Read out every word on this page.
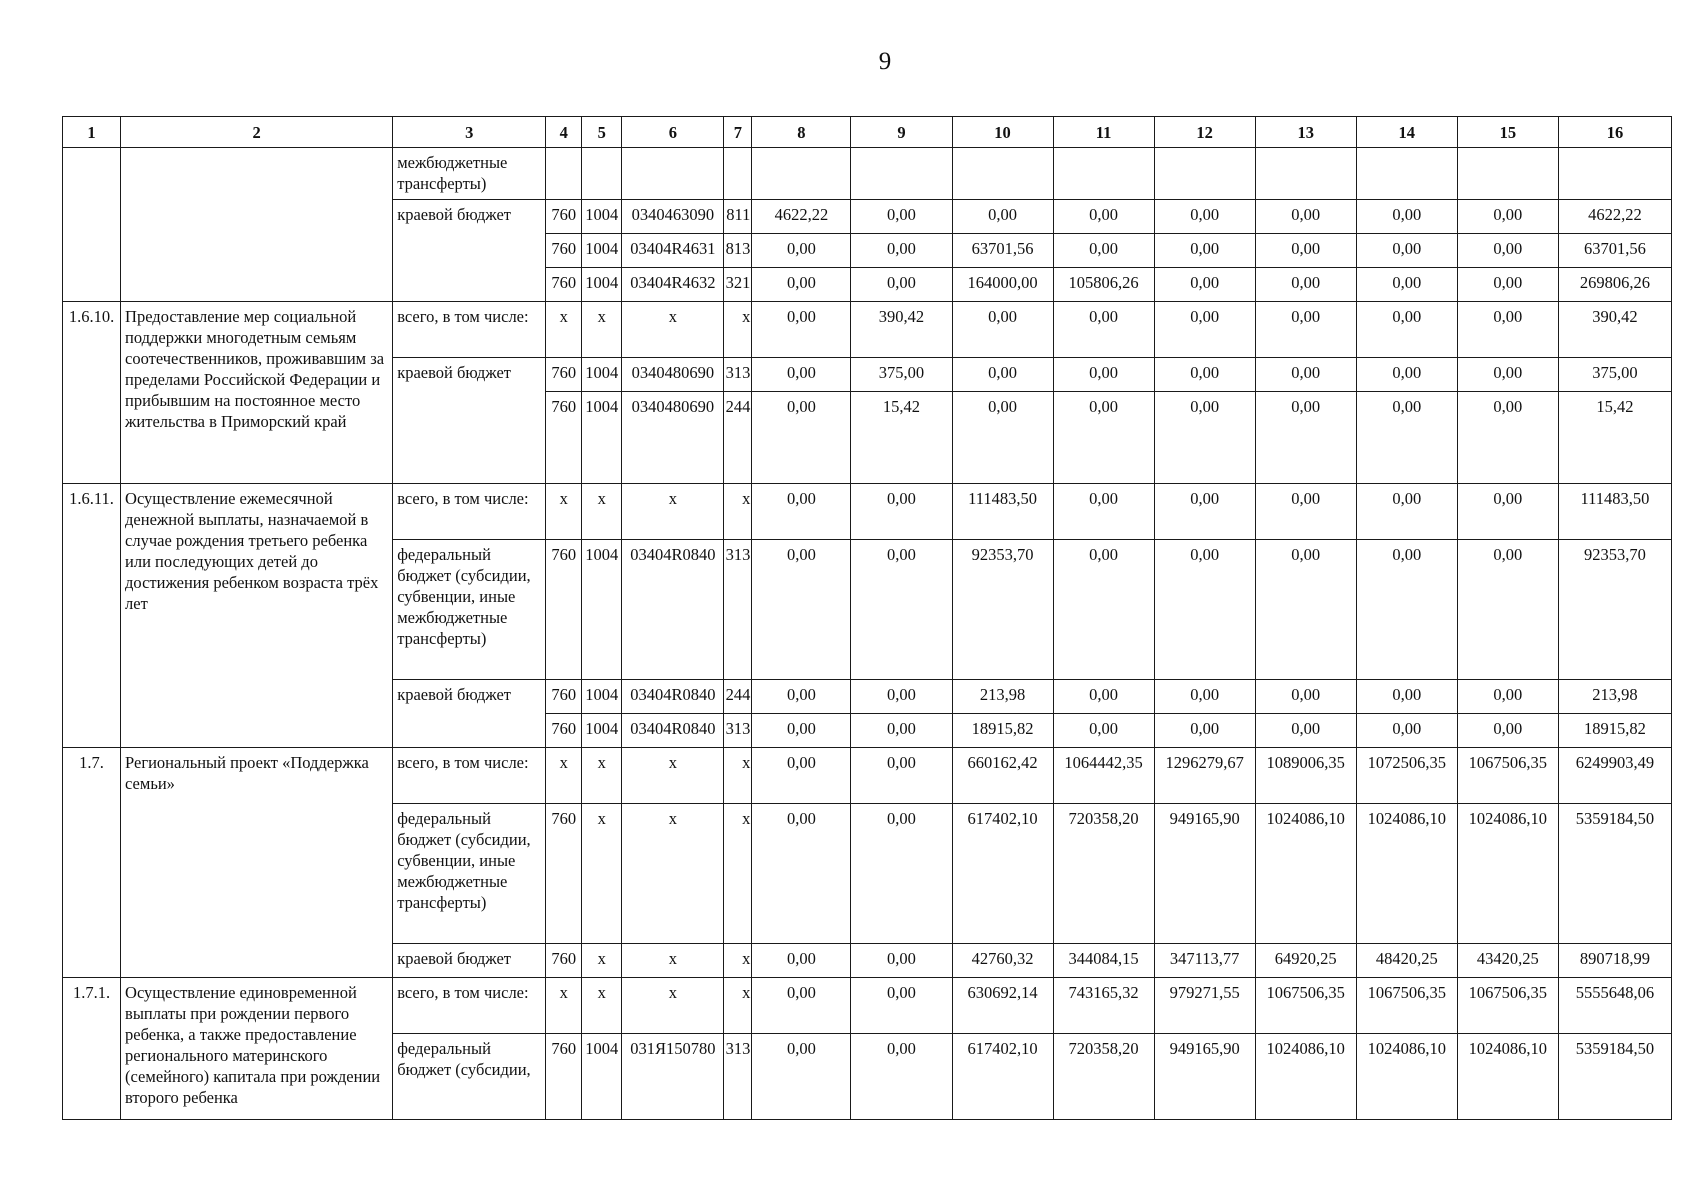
9
1	2	3	4	5	6	7	8	9	10	11	12	13	14	15	16
		межбюджетные трансферты)													
		краевой бюджет	760	1004	0340463090	811	4622,22	0,00	0,00	0,00	0,00	0,00	0,00	0,00	4622,22
			760	1004	03404R4631	813	0,00	0,00	63701,56	0,00	0,00	0,00	0,00	0,00	63701,56
			760	1004	03404R4632	321	0,00	0,00	164000,00	105806,26	0,00	0,00	0,00	0,00	269806,26
1.6.10.	Предоставление мер социальной поддержки многодетным семьям соотечественников, проживавшим за пределами Российской Федерации и прибывшим на постоянное место жительства в Приморский край	всего, в том числе:	x	x	x	x	0,00	390,42	0,00	0,00	0,00	0,00	0,00	0,00	390,42
		краевой бюджет	760	1004	0340480690	313	0,00	375,00	0,00	0,00	0,00	0,00	0,00	0,00	375,00
			760	1004	0340480690	244	0,00	15,42	0,00	0,00	0,00	0,00	0,00	0,00	15,42
1.6.11.	Осуществление ежемесячной денежной выплаты, назначаемой в случае рождения третьего ребенка или последующих детей до достижения ребенком возраста трёх лет	всего, в том числе:	x	x	x	x	0,00	0,00	111483,50	0,00	0,00	0,00	0,00	0,00	111483,50
		федеральный бюджет (субсидии, субвенции, иные межбюджетные трансферты)	760	1004	03404R0840	313	0,00	0,00	92353,70	0,00	0,00	0,00	0,00	0,00	92353,70
		краевой бюджет	760	1004	03404R0840	244	0,00	0,00	213,98	0,00	0,00	0,00	0,00	0,00	213,98
			760	1004	03404R0840	313	0,00	0,00	18915,82	0,00	0,00	0,00	0,00	0,00	18915,82
1.7.	Региональный проект «Поддержка семьи»	всего, в том числе:	x	x	x	x	0,00	0,00	660162,42	1064442,35	1296279,67	1089006,35	1072506,35	1067506,35	6249903,49
		федеральный бюджет (субсидии, субвенции, иные межбюджетные трансферты)	760	x	x	x	0,00	0,00	617402,10	720358,20	949165,90	1024086,10	1024086,10	1024086,10	5359184,50
		краевой бюджет	760	x	x	x	0,00	0,00	42760,32	344084,15	347113,77	64920,25	48420,25	43420,25	890718,99
1.7.1.	Осуществление единовременной выплаты при рождении первого ребенка, а также предоставление регионального материнского (семейного) капитала при рождении второго ребенка	всего, в том числе:	x	x	x	x	0,00	0,00	630692,14	743165,32	979271,55	1067506,35	1067506,35	1067506,35	5555648,06
		федеральный бюджет (субсидии,	760	1004	031Я150780	313	0,00	0,00	617402,10	720358,20	949165,90	1024086,10	1024086,10	1024086,10	5359184,50
